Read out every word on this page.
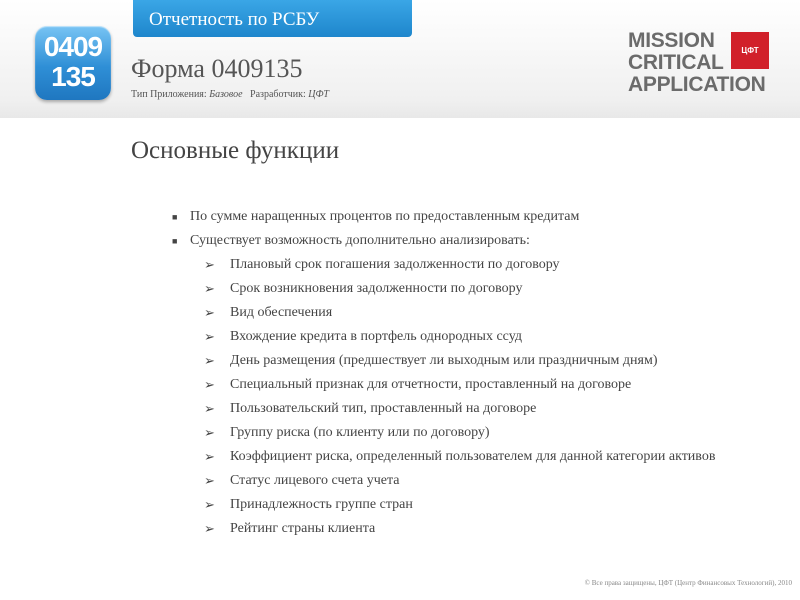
Отчетность по РСБУ
0409
135	Форма 0409135
Тип Приложения: Базовое Разработчик: ЦФТ
MISSION
CRITICAL
APPLICATION
ЦФТ
Основные функции
■ По сумме наращенных процентов по предоставленным кредитам
■ Существует возможность дополнительно анализировать:
➢ Плановый срок погашения задолженности по договору
➢ Срок возникновения задолженности по договору
➢ Вид обеспечения
➢ Вхождение кредита в портфель однородных ссуд
➢ День размещения (предшествует ли выходным или праздничным дням)
➢ Специальный признак для отчетности, проставленный на договоре
➢ Пользовательский тип, проставленный на договоре
➢ Группу риска (по клиенту или по договору)
➢ Коэффициент риска, определенный пользователем для данной категории активов
➢ Статус лицевого счета учета
➢ Принадлежность группе стран
➢ Рейтинг страны клиента
© Все права защищены, ЦФТ (Центр Финансовых Технологий), 2010
